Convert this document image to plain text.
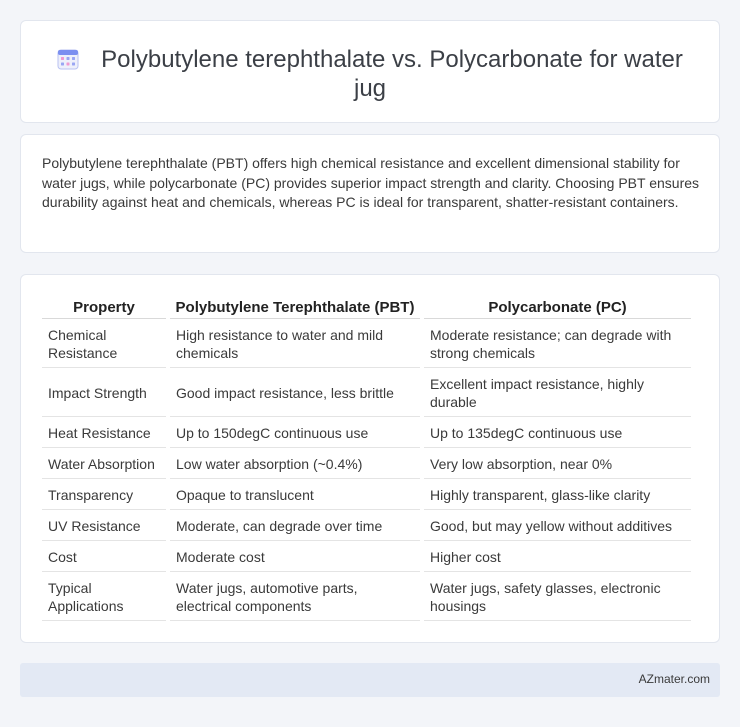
Polybutylene terephthalate vs. Polycarbonate for water jug

Polybutylene terephthalate (PBT) offers high chemical resistance and excellent dimensional stability for water jugs, while polycarbonate (PC) provides superior impact strength and clarity. Choosing PBT ensures durability against heat and chemicals, whereas PC is ideal for transparent, shatter-resistant containers.

Property	Polybutylene Terephthalate (PBT)	Polycarbonate (PC)
Chemical Resistance	High resistance to water and mild chemicals	Moderate resistance; can degrade with strong chemicals
Impact Strength	Good impact resistance, less brittle	Excellent impact resistance, highly durable
Heat Resistance	Up to 150degC continuous use	Up to 135degC continuous use
Water Absorption	Low water absorption (~0.4%)	Very low absorption, near 0%
Transparency	Opaque to translucent	Highly transparent, glass-like clarity
UV Resistance	Moderate, can degrade over time	Good, but may yellow without additives
Cost	Moderate cost	Higher cost
Typical Applications	Water jugs, automotive parts, electrical components	Water jugs, safety glasses, electronic housings
AZmater.com
